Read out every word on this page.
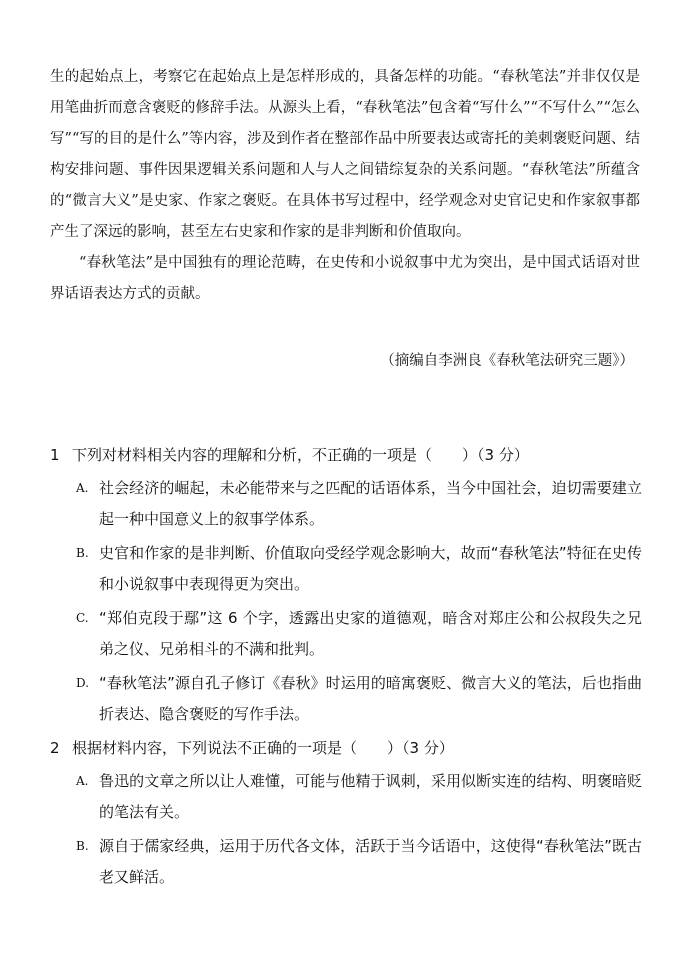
生的起始点上，考察它在起始点上是怎样形成的，具备怎样的功能。“春秋笔法”并非仅仅是用笔曲折而意含褒贬的修辞手法。从源头上看，“春秋笔法”包含着“写什么”“不写什么”“怎么写”“写的目的是什么”等内容，涉及到作者在整部作品中所要表达或寄托的美刺褒贬问题、结构安排问题、事件因果逻辑关系问题和人与人之间错综复杂的关系问题。“春秋笔法”所蕴含的“微言大义”是史家、作家之褒贬。在具体书写过程中，经学观念对史官记史和作家叙事都产生了深远的影响，甚至左右史家和作家的是非判断和价值取向。

“春秋笔法”是中国独有的理论范畴，在史传和小说叙事中尤为突出，是中国式话语对世界话语表达方式的贡献。

（摘编自李洲良《春秋笔法研究三题》）
1 下列对材料相关内容的理解和分析，不正确的一项是（　　）（3 分）
A. 社会经济的崛起，未必能带来与之匹配的话语体系，当今中国社会，迫切需要建立起一种中国意义上的叙事学体系。
B. 史官和作家的是非判断、价值取向受经学观念影响大，故而“春秋笔法”特征在史传和小说叙事中表现得更为突出。
C. “郑伯克段于鄢”这 6 个字，透露出史家的道德观，暗含对郑庄公和公叔段失之兄弟之仪、兄弟相斗的不满和批判。
D. “春秋笔法”源自孔子修订《春秋》时运用的暗寓褒贬、微言大义的笔法，后也指曲折表达、隐含褒贬的写作手法。
2 根据材料内容，下列说法不正确的一项是（　　）（3 分）
A. 鲁迅的文章之所以让人难懂，可能与他精于讽刺，采用似断实连的结构、明褒暗贬的笔法有关。
B. 源自于儒家经典，运用于历代各文体，活跃于当今话语中，这使得“春秋笔法”既古老又鲜活。
